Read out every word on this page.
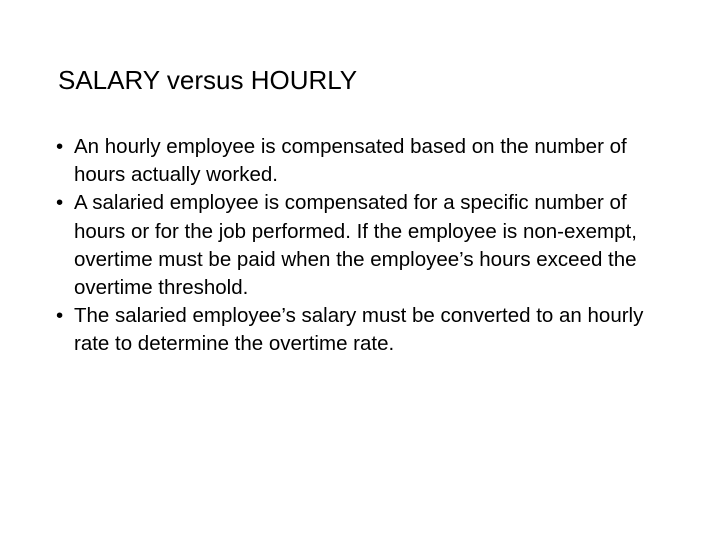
SALARY versus HOURLY
• An hourly employee is compensated based on the number of hours actually worked.
• A salaried employee is compensated for a specific number of hours or for the job performed. If the employee is non-exempt, overtime must be paid when the employee’s hours exceed the overtime threshold.
• The salaried employee’s salary must be converted to an hourly rate to determine the overtime rate.
